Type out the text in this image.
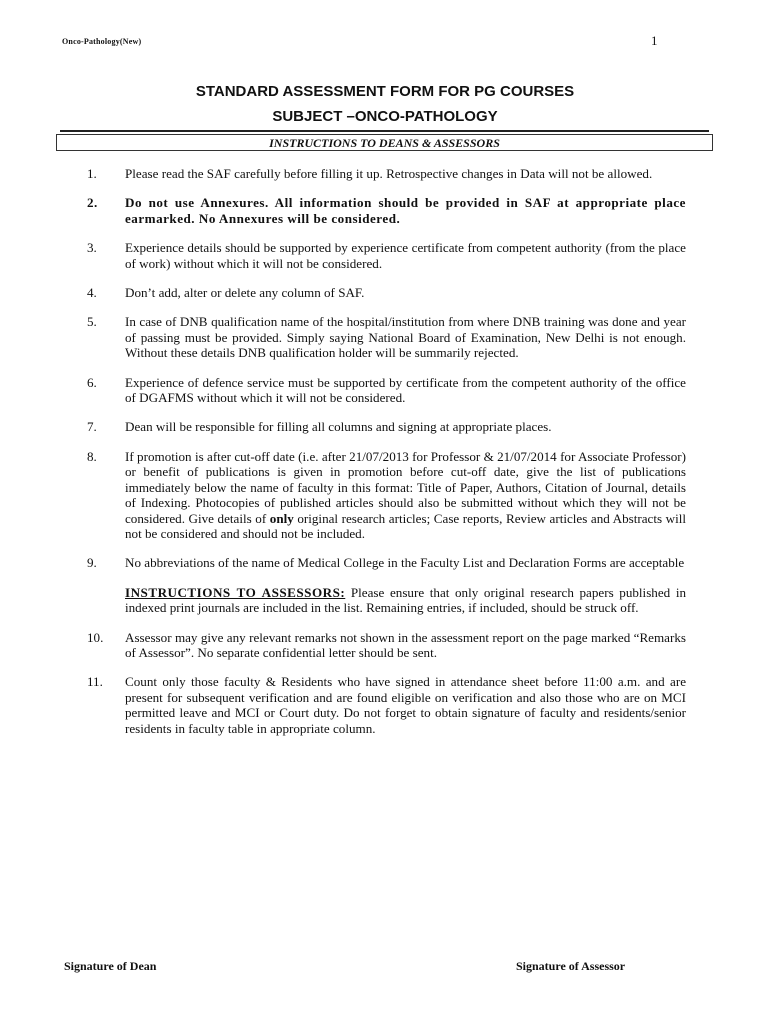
Onco-Pathology(New)	1
STANDARD ASSESSMENT FORM FOR PG COURSES
SUBJECT –ONCO-PATHOLOGY
INSTRUCTIONS TO DEANS & ASSESSORS
1. Please read the SAF carefully before filling it up. Retrospective changes in Data will not be allowed.
2. Do not use Annexures. All information should be provided in SAF at appropriate place earmarked. No Annexures will be considered.
3. Experience details should be supported by experience certificate from competent authority (from the place of work) without which it will not be considered.
4. Don’t add, alter or delete any column of SAF.
5. In case of DNB qualification name of the hospital/institution from where DNB training was done and year of passing must be provided. Simply saying National Board of Examination, New Delhi is not enough. Without these details DNB qualification holder will be summarily rejected.
6. Experience of defence service must be supported by certificate from the competent authority of the office of DGAFMS without which it will not be considered.
7. Dean will be responsible for filling all columns and signing at appropriate places.
8. If promotion is after cut-off date (i.e. after 21/07/2013 for Professor & 21/07/2014 for Associate Professor) or benefit of publications is given in promotion before cut-off date, give the list of publications immediately below the name of faculty in this format: Title of Paper, Authors, Citation of Journal, details of Indexing. Photocopies of published articles should also be submitted without which they will not be considered. Give details of only original research articles; Case reports, Review articles and Abstracts will not be considered and should not be included.
9. No abbreviations of the name of Medical College in the Faculty List and Declaration Forms are acceptable
INSTRUCTIONS TO ASSESSORS: Please ensure that only original research papers published in indexed print journals are included in the list. Remaining entries, if included, should be struck off.
10. Assessor may give any relevant remarks not shown in the assessment report on the page marked “Remarks of Assessor”. No separate confidential letter should be sent.
11. Count only those faculty & Residents who have signed in attendance sheet before 11:00 a.m. and are present for subsequent verification and are found eligible on verification and also those who are on MCI permitted leave and MCI or Court duty. Do not forget to obtain signature of faculty and residents/senior residents in faculty table in appropriate column.
Signature of Dean	Signature of Assessor
